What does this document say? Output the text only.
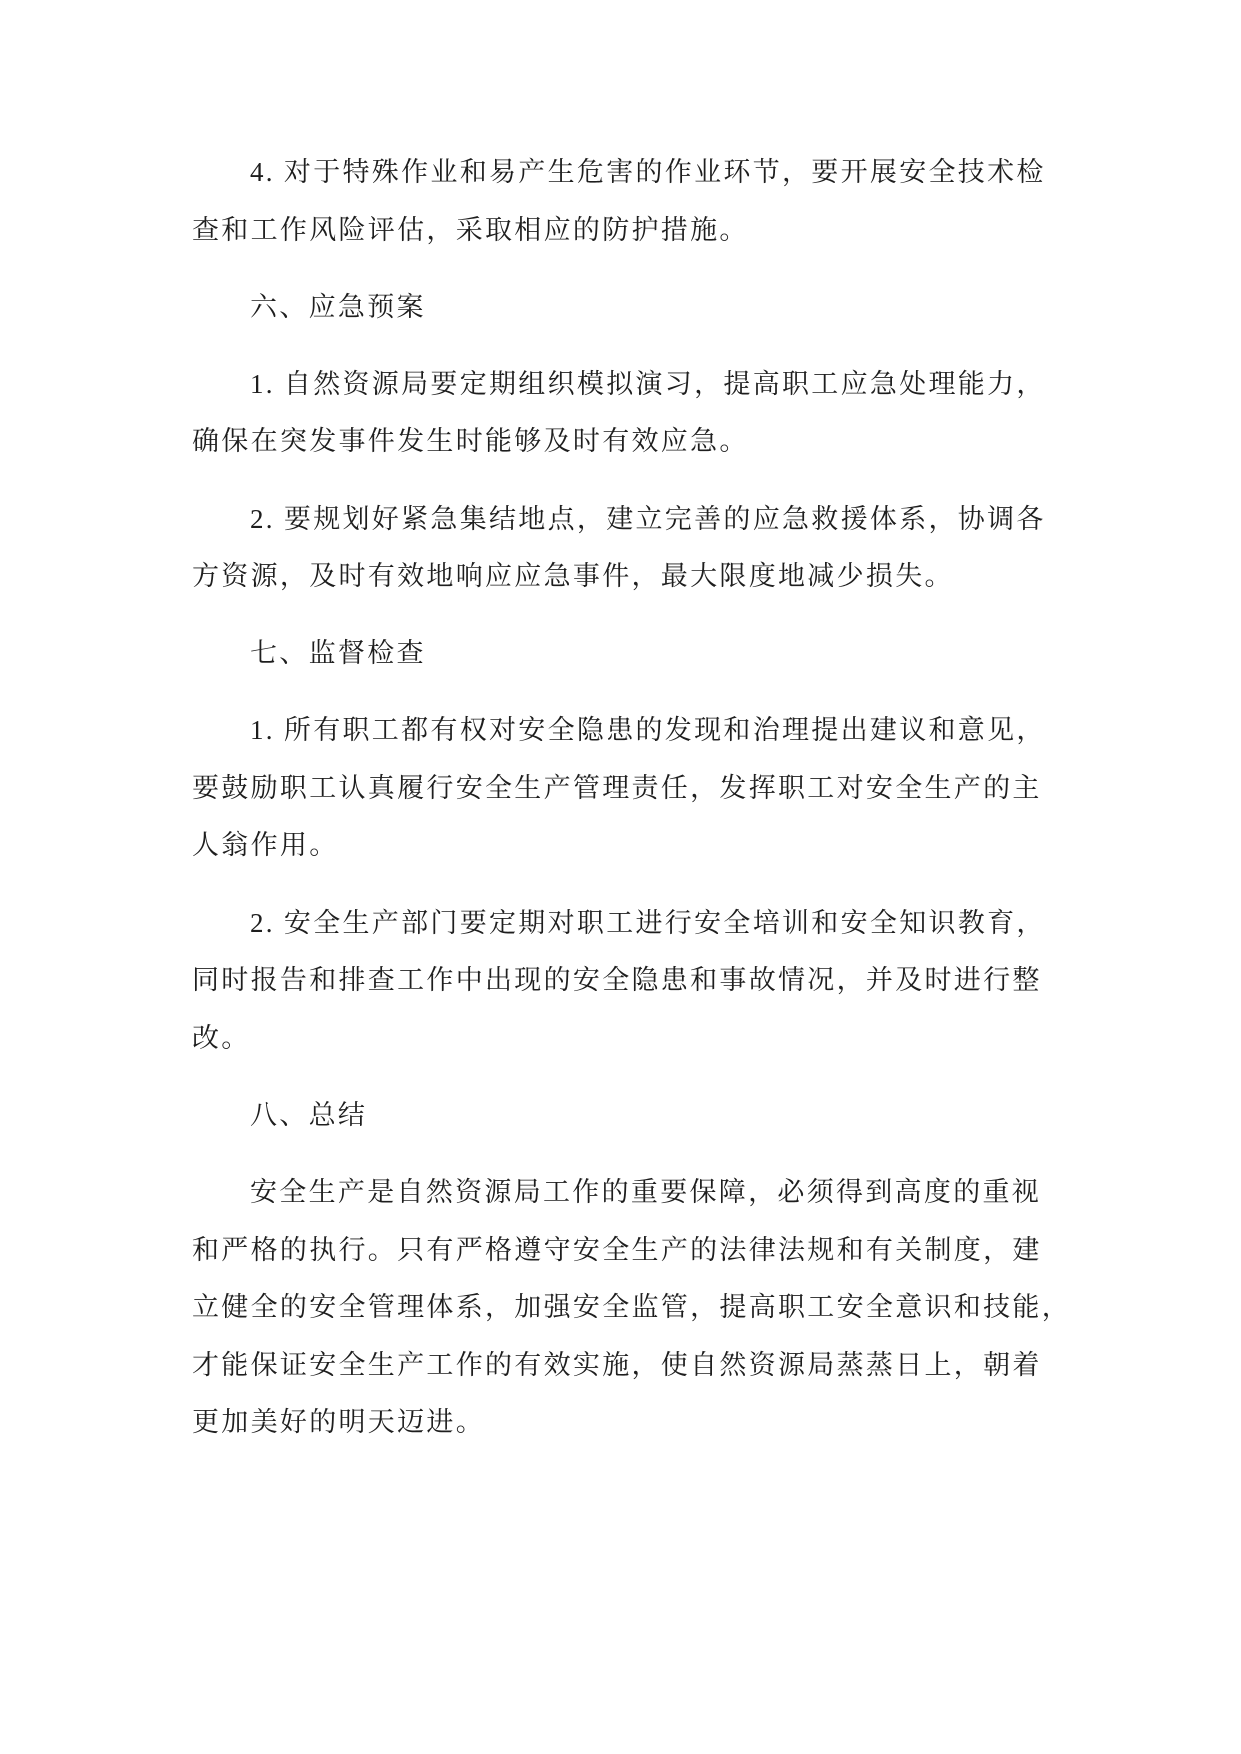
4. 对于特殊作业和易产生危害的作业环节，要开展安全技术检
查和工作风险评估，采取相应的防护措施。
六、应急预案
1. 自然资源局要定期组织模拟演习，提高职工应急处理能力，
确保在突发事件发生时能够及时有效应急。
2. 要规划好紧急集结地点，建立完善的应急救援体系，协调各
方资源，及时有效地响应应急事件，最大限度地减少损失。
七、监督检查
1. 所有职工都有权对安全隐患的发现和治理提出建议和意见，
要鼓励职工认真履行安全生产管理责任，发挥职工对安全生产的主
人翁作用。
2. 安全生产部门要定期对职工进行安全培训和安全知识教育，
同时报告和排查工作中出现的安全隐患和事故情况，并及时进行整
改。
八、总结
安全生产是自然资源局工作的重要保障，必须得到高度的重视
和严格的执行。只有严格遵守安全生产的法律法规和有关制度，建
立健全的安全管理体系，加强安全监管，提高职工安全意识和技能，
才能保证安全生产工作的有效实施，使自然资源局蒸蒸日上，朝着
更加美好的明天迈进。
